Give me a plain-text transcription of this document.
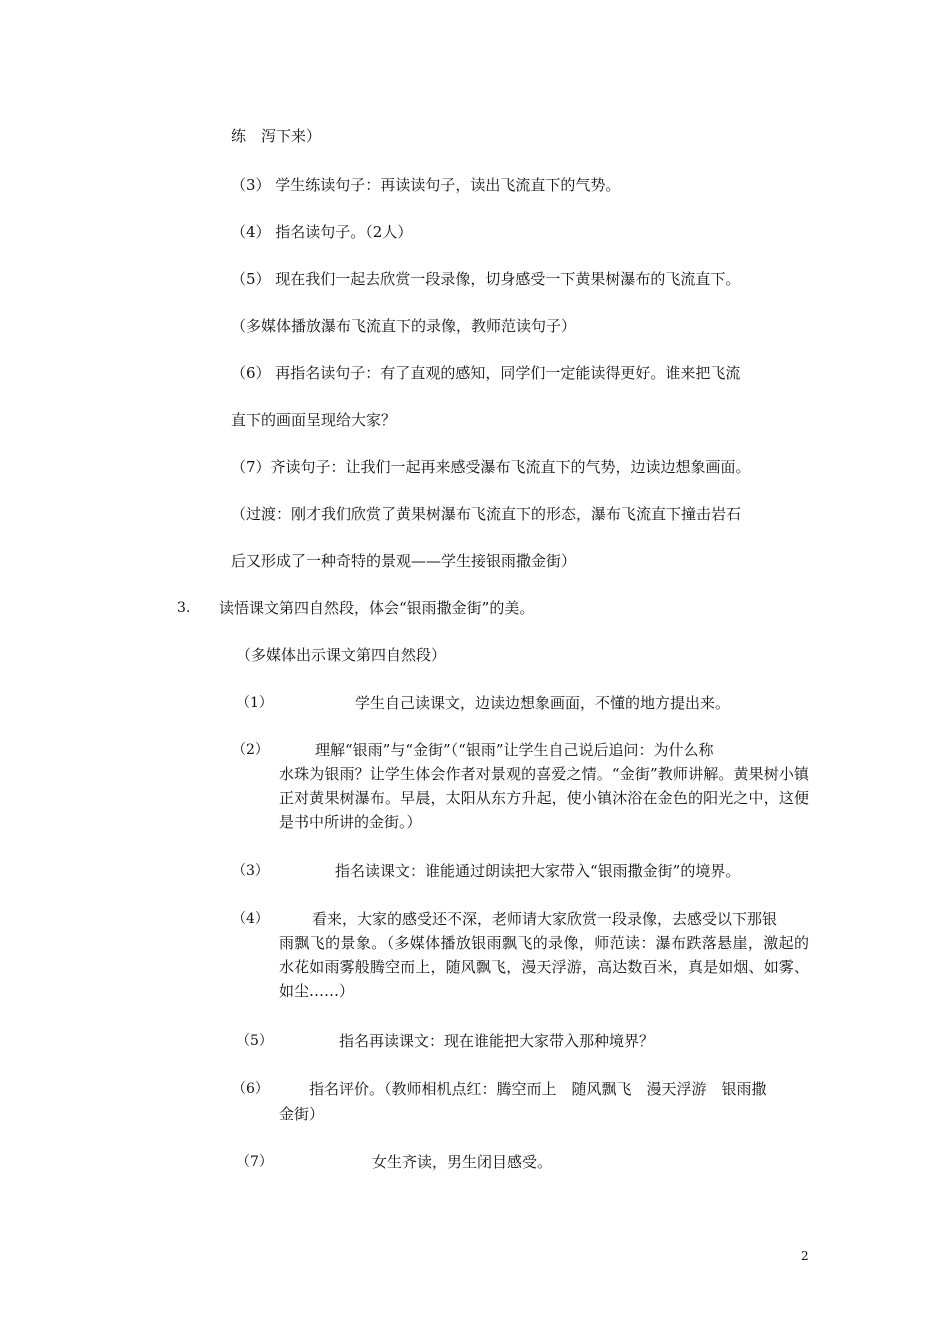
练　泻下来）
（3） 学生练读句子：再读读句子，读出飞流直下的气势。
（4） 指名读句子。（2人）
（5） 现在我们一起去欣赏一段录像，切身感受一下黄果树瀑布的飞流直下。
（多媒体播放瀑布飞流直下的录像，教师范读句子）
（6） 再指名读句子：有了直观的感知，同学们一定能读得更好。谁来把飞流
直下的画面呈现给大家？
（7）齐读句子：让我们一起再来感受瀑布飞流直下的气势，边读边想象画面。
（过渡：刚才我们欣赏了黄果树瀑布飞流直下的形态，瀑布飞流直下撞击岩石
后又形成了一种奇特的景观——学生接银雨撒金街）
3. 读悟课文第四自然段，体会“银雨撒金街”的美。
（多媒体出示课文第四自然段）
（1）	学生自己读课文，边读边想象画面，不懂的地方提出来。
（2）	理解“银雨”与“金街”（“银雨”让学生自己说后追问：为什么称
水珠为银雨？让学生体会作者对景观的喜爱之情。“金街”教师讲解。黄果树小镇正对黄果树瀑布。早晨，太阳从东方升起，使小镇沐浴在金色的阳光之中，这便是书中所讲的金街。）
（3）	指名读课文：谁能通过朗读把大家带入“银雨撒金街”的境界。
（4）	看来，大家的感受还不深，老师请大家欣赏一段录像，去感受以下那银
雨飘飞的景象。（多媒体播放银雨飘飞的录像，师范读：瀑布跌落悬崖，激起的水花如雨雾般腾空而上，随风飘飞，漫天浮游，高达数百米，真是如烟、如雾、如尘……）
（5）	指名再读课文：现在谁能把大家带入那种境界？
（6）	指名评价。（教师相机点红：腾空而上　随风飘飞　漫天浮游　银雨撒
金街）
（7）	女生齐读，男生闭目感受。
2
